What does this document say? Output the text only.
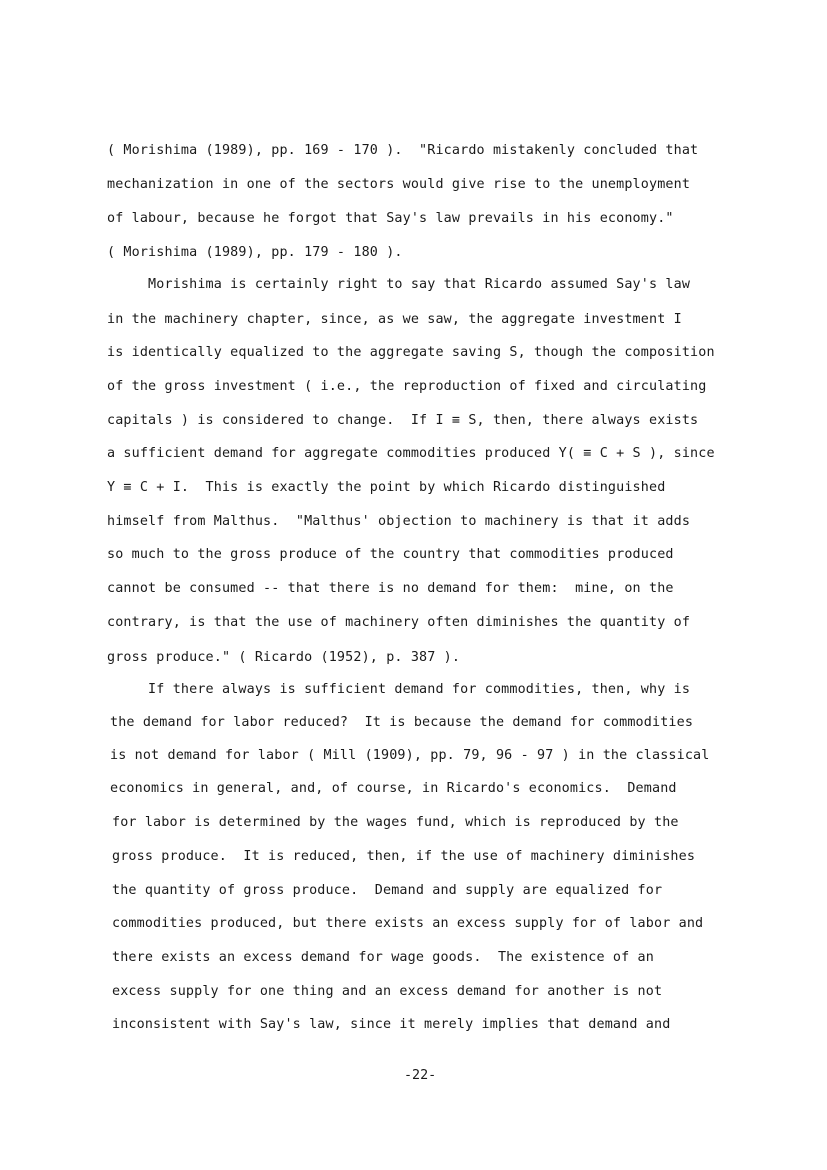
( Morishima (1989), pp. 169 - 170 ).  "Ricardo mistakenly concluded that
mechanization in one of the sectors would give rise to the unemployment
of labour, because he forgot that Say's law prevails in his economy."
( Morishima (1989), pp. 179 - 180 ).
Morishima is certainly right to say that Ricardo assumed Say's law
in the machinery chapter, since, as we saw, the aggregate investment I
is identically equalized to the aggregate saving S, though the composition
of the gross investment ( i.e., the reproduction of fixed and circulating
capitals ) is considered to change.  If I ≡ S, then, there always exists
a sufficient demand for aggregate commodities produced Y( ≡ C + S ), since
Y ≡ C + I.  This is exactly the point by which Ricardo distinguished
himself from Malthus.  "Malthus' objection to machinery is that it adds
so much to the gross produce of the country that commodities produced
cannot be consumed -- that there is no demand for them:  mine, on the
contrary, is that the use of machinery often diminishes the quantity of
gross produce." ( Ricardo (1952), p. 387 ).
If there always is sufficient demand for commodities, then, why is
the demand for labor reduced?  It is because the demand for commodities
is not demand for labor ( Mill (1909), pp. 79, 96 - 97 ) in the classical
economics in general, and, of course, in Ricardo's economics.  Demand
for labor is determined by the wages fund, which is reproduced by the
gross produce.  It is reduced, then, if the use of machinery diminishes
the quantity of gross produce.  Demand and supply are equalized for
commodities produced, but there exists an excess supply for of labor and
there exists an excess demand for wage goods.  The existence of an
excess supply for one thing and an excess demand for another is not
inconsistent with Say's law, since it merely implies that demand and
-22-
